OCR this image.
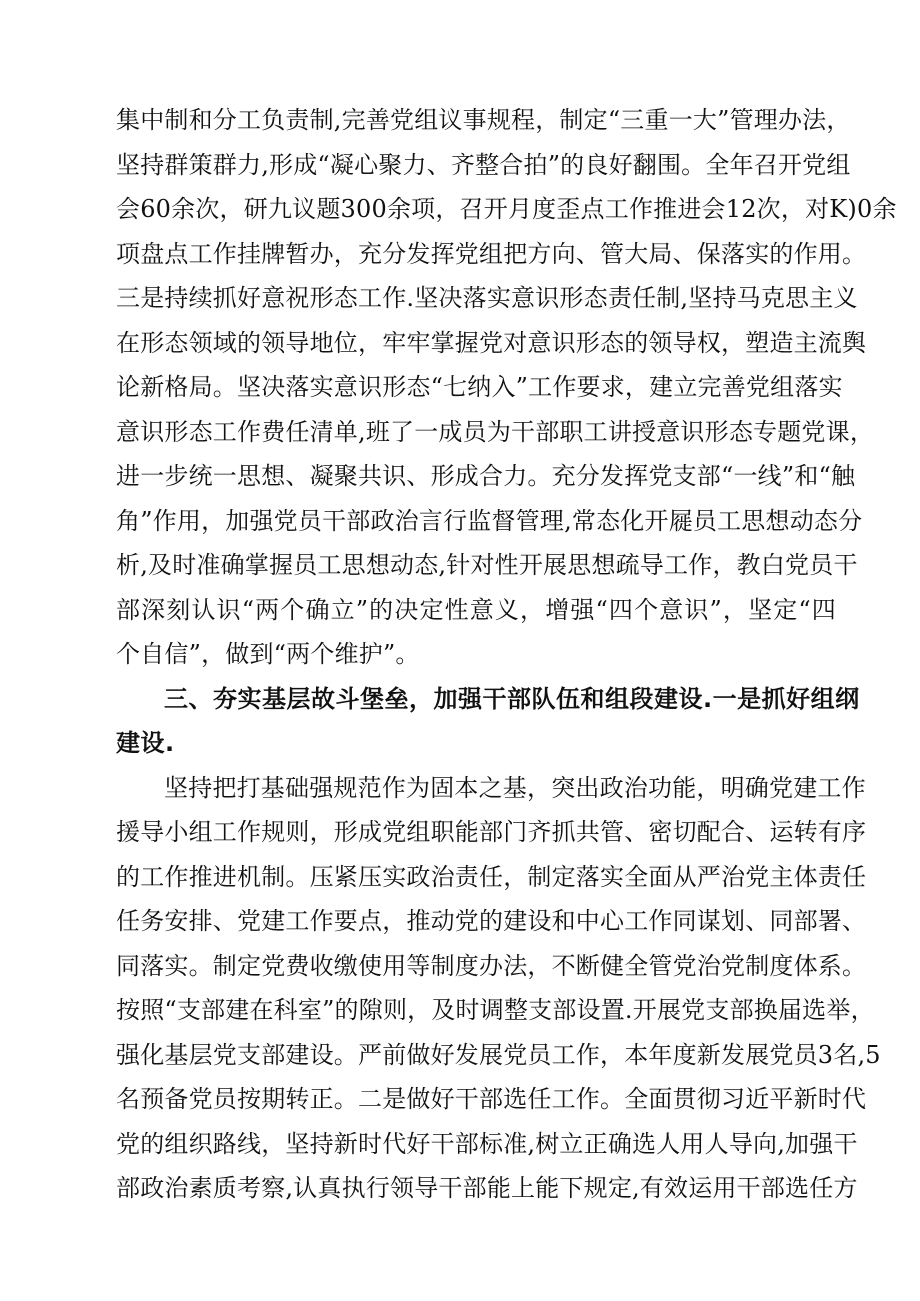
集中制和分工负责制,完善党组议事规程，制定“三重一大”管理办法，
坚持群策群力,形成“凝心聚力、齐整合拍”的良好翻围。全年召开党组
会60余次，研九议题300余项，召开月度歪点工作推进会12次，对K)0余
项盘点工作挂牌暂办，充分发挥党组把方向、管大局、保落实的作用。
三是持续抓好意祝形态工作.坚决落实意识形态责任制,坚持马克思主义
在形态领域的领导地位，牢牢掌握党对意识形态的领导权，塑造主流舆
论新格局。坚决落实意识形态“七纳入”工作要求，建立完善党组落实
意识形态工作费任清单,班了一成员为干部职工讲授意识形态专题党课，
进一步统一思想、凝聚共识、形成合力。充分发挥党支部“一线”和“触
角”作用，加强党员干部政治言行监督管理,常态化开屣员工思想动态分
析,及时准确掌握员工思想动态,针对性开展思想疏导工作，教白党员干
部深刻认识“两个确立”的决定性意义，增强“四个意识”，坚定“四
个自信”，做到“两个维护”。
三、夯实基层故斗堡垒，加强干部队伍和组段建设.一是抓好组纲
建设.
坚持把打基础强规范作为固本之基，突出政治功能，明确党建工作
援导小组工作规则，形成党组职能部门齐抓共管、密切配合、运转有序
的工作推进机制。压紧压实政治责任，制定落实全面从严治党主体责任
任务安排、党建工作要点，推动党的建设和中心工作同谋划、同部署、
同落实。制定党费收缴使用等制度办法，不断健全管党治党制度体系。
按照“支部建在科室”的隙则，及时调整支部设置.开展党支部换届选举，
强化基层党支部建设。严前做好发展党员工作，本年度新发展党员3名,5
名预备党员按期转正。二是做好干部选任工作。全面贯彻习近平新时代
党的组织路线，坚持新时代好干部标准,树立正确选人用人导向,加强干
部政治素质考察,认真执行领导干部能上能下规定,有效运用干部选任方
